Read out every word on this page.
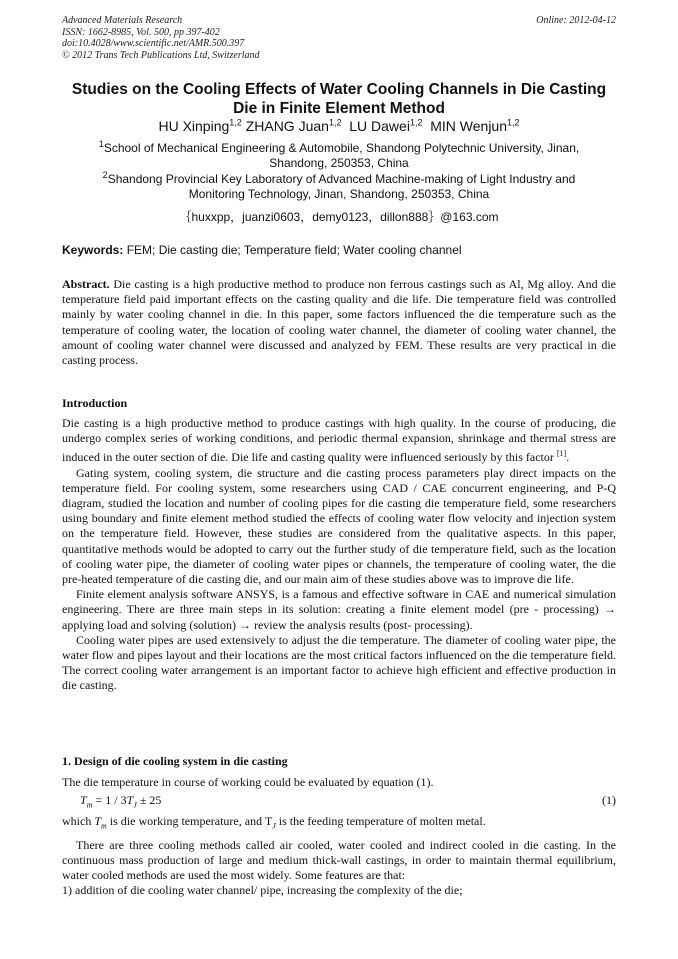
Advanced Materials Research
ISSN: 1662-8985, Vol. 500, pp 397-402
doi:10.4028/www.scientific.net/AMR.500.397
© 2012 Trans Tech Publications Ltd, Switzerland
Online: 2012-04-12
Studies on the Cooling Effects of Water Cooling Channels in Die Casting
Die in Finite Element Method
HU Xinping$^{1,2}$ ZHANG Juan$^{1,2}$ LU Dawei$^{1,2}$ MIN Wenjun$^{1,2}$
$^1$School of Mechanical Engineering & Automobile, Shandong Polytechnic University, Jinan,
Shandong, 250353, China
$^2$Shandong Provincial Key Laboratory of Advanced Machine-making of Light Industry and
Monitoring Technology, Jinan, Shandong, 250353, China
｛huxxpp，juanzi0603，demy0123，dillon888｝@163.com
Keywords: FEM; Die casting die; Temperature field; Water cooling channel

Abstract. Die casting is a high productive method to produce non ferrous castings such as Al, Mg alloy. And die temperature field paid important effects on the casting quality and die life. Die temperature field was controlled mainly by water cooling channel in die. In this paper, some factors influenced the die temperature such as the temperature of cooling water, the location of cooling water channel, the diameter of cooling water channel, the amount of cooling water channel were discussed and analyzed by FEM. These results are very practical in die casting process.

Introduction

Die casting is a high productive method to produce castings with high quality. In the course of producing, die undergo complex series of working conditions, and periodic thermal expansion, shrinkage and thermal stress are induced in the outer section of die. Die life and casting quality were influenced seriously by this factor [1].

Gating system, cooling system, die structure and die casting process parameters play direct impacts on the temperature field. For cooling system, some researchers using CAD / CAE concurrent engineering, and P-Q diagram, studied the location and number of cooling pipes for die casting die temperature field, some researchers using boundary and finite element method studied the effects of cooling water flow velocity and injection system on the temperature field. However, these studies are considered from the qualitative aspects. In this paper, quantitative methods would be adopted to carry out the further study of die temperature field, such as the location of cooling water pipe, the diameter of cooling water pipes or channels, the temperature of cooling water, the die pre-heated temperature of die casting die, and our main aim of these studies above was to improve die life.

Finite element analysis software ANSYS, is a famous and effective software in CAE and numerical simulation engineering. There are three main steps in its solution: creating a finite element model (pre - processing) → applying load and solving (solution) → review the analysis results (post- processing).

Cooling water pipes are used extensively to adjust the die temperature. The diameter of cooling water pipe, the water flow and pipes layout and their locations are the most critical factors influenced on the die temperature field. The correct cooling water arrangement is an important factor to achieve high efficient and effective production in die casting.

1. Design of die cooling system in die casting
The die temperature in course of working could be evaluated by equation (1).
$T_m = 1 / 3T_J \pm 25$	(1)

which $T_m$ is die working temperature, and $T_J$ is the feeding temperature of molten metal.

There are three cooling methods called air cooled, water cooled and indirect cooled in die casting. In the continuous mass production of large and medium thick-wall castings, in order to maintain thermal equilibrium, water cooled methods are used the most widely. Some features are that:

1) addition of die cooling water channel/ pipe, increasing the complexity of the die;
